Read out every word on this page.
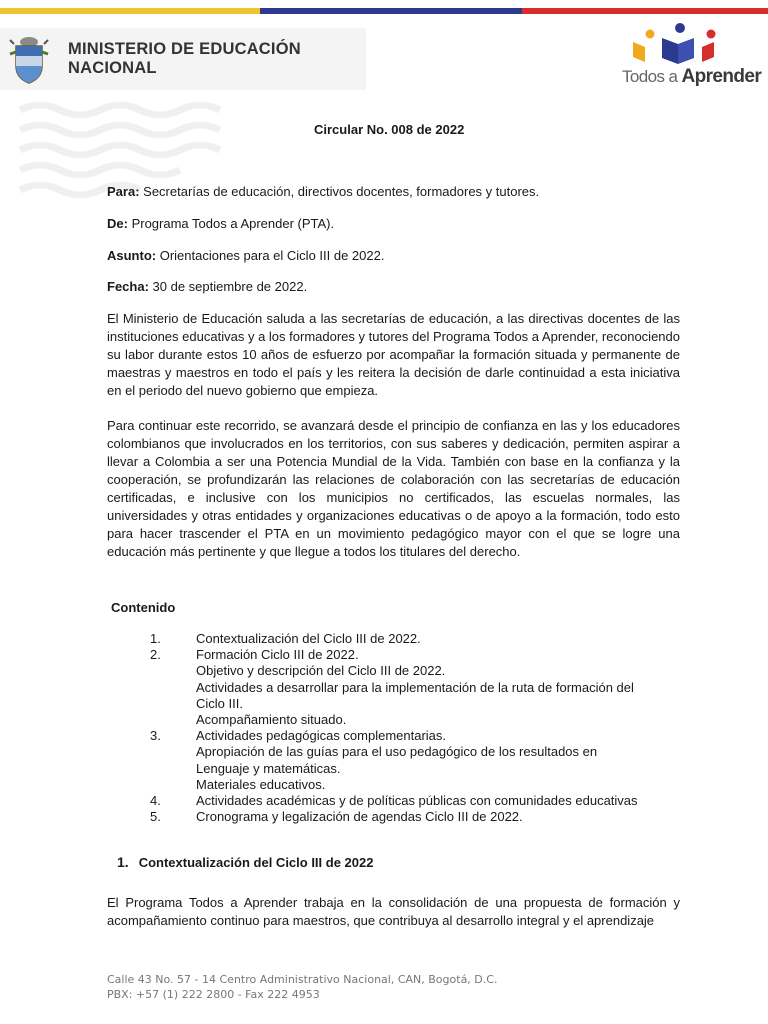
MINISTERIO DE EDUCACIÓN
NACIONAL	Todos a Aprender
Circular No. 008 de 2022
Para: Secretarías de educación, directivos docentes, formadores y tutores.
De: Programa Todos a Aprender (PTA).
Asunto: Orientaciones para el Ciclo III de 2022.
Fecha: 30 de septiembre de 2022.

El Ministerio de Educación saluda a las secretarías de educación, a las directivas docentes de las instituciones educativas y a los formadores y tutores del Programa Todos a Aprender, reconociendo su labor durante estos 10 años de esfuerzo por acompañar la formación situada y permanente de maestras y maestros en todo el país y les reitera la decisión de darle continuidad a esta iniciativa en el periodo del nuevo gobierno que empieza.

Para continuar este recorrido, se avanzará desde el principio de confianza en las y los educadores colombianos que involucrados en los territorios, con sus saberes y dedicación, permiten aspirar a llevar a Colombia a ser una Potencia Mundial de la Vida. También con base en la confianza y la cooperación, se profundizarán las relaciones de colaboración con las secretarías de educación certificadas, e inclusive con los municipios no certificados, las escuelas normales, las universidades y otras entidades y organizaciones educativas o de apoyo a la formación, todo esto para hacer trascender el PTA en un movimiento pedagógico mayor con el que se logre una educación más pertinente y que llegue a todos los titulares del derecho.

Contenido
1.	Contextualización del Ciclo III de 2022.
2.	Formación Ciclo III de 2022.
Objetivo y descripción del Ciclo III de 2022.
Actividades a desarrollar para la implementación de la ruta de formación del
Ciclo III.
Acompañamiento situado.
3.	Actividades pedagógicas complementarias.
Apropiación de las guías para el uso pedagógico de los resultados en
Lenguaje y matemáticas.
Materiales educativos.
4.	Actividades académicas y de políticas públicas con comunidades educativas
5.	Cronograma y legalización de agendas Ciclo III de 2022.
1. Contextualización del Ciclo III de 2022

El Programa Todos a Aprender trabaja en la consolidación de una propuesta de formación y acompañamiento continuo para maestros, que contribuya al desarrollo integral y el aprendizaje

Calle 43 No. 57 - 14 Centro Administrativo Nacional, CAN, Bogotá, D.C.
PBX: +57 (1) 222 2800 - Fax 222 4953
